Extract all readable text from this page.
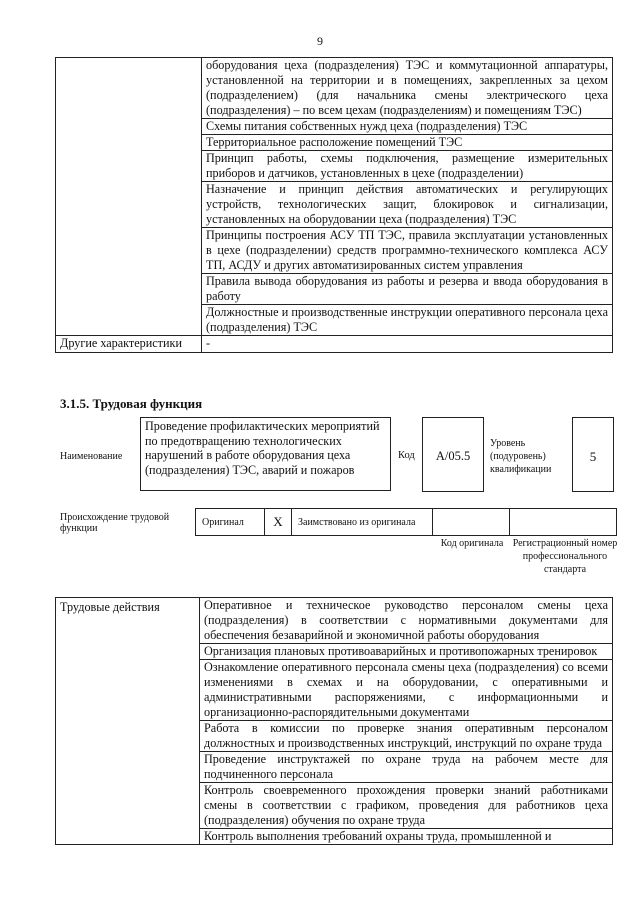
9
	оборудования цеха (подразделения) ТЭС и коммутационной аппаратуры, установленной на территории и в помещениях, закрепленных за цехом (подразделением) (для начальника смены электрического цеха (подразделения) – по всем цехам (подразделениям) и помещениям ТЭС)
	Схемы питания собственных нужд цеха (подразделения) ТЭС
	Территориальное расположение помещений ТЭС
	Принцип работы, схемы подключения, размещение измерительных приборов и датчиков, установленных в цехе (подразделении)
	Назначение и принцип действия автоматических и регулирующих устройств, технологических защит, блокировок и сигнализации, установленных на оборудовании цеха (подразделения) ТЭС
	Принципы построения АСУ ТП ТЭС, правила эксплуатации установленных в цехе (подразделении) средств программно-технического комплекса АСУ ТП, АСДУ и других автоматизированных систем управления
	Правила вывода оборудования из работы и резерва и ввода оборудования в работу
	Должностные и производственные инструкции оперативного персонала цеха (подразделения) ТЭС
Другие характеристики	-
3.1.5. Трудовая функция
Наименование
Проведение профилактических мероприятий по предотвращению технологических нарушений в работе оборудования цеха (подразделения) ТЭС, аварий и пожаров
Код	А/05.5
Уровень (подуровень) квалификации
5
Происхождение трудовой функции
Оригинал	X	Заимствовано из оригинала		
Код оригинала Регистрационный номер профессионального стандарта
Трудовые действия	Оперативное и техническое руководство персоналом смены цеха (подразделения) в соответствии с нормативными документами для обеспечения безаварийной и экономичной работы оборудования
Организация плановых противоаварийных и противопожарных тренировок
Ознакомление оперативного персонала смены цеха (подразделения) со всеми изменениями в схемах и на оборудовании, с оперативными и административными распоряжениями, с информационными и организационно-распорядительными документами
Работа в комиссии по проверке знания оперативным персоналом должностных и производственных инструкций, инструкций по охране труда
Проведение инструктажей по охране труда на рабочем месте для подчиненного персонала
Контроль своевременного прохождения проверки знаний работниками смены в соответствии с графиком, проведения для работников цеха (подразделения) обучения по охране труда
Контроль выполнения требований охраны труда, промышленной и
